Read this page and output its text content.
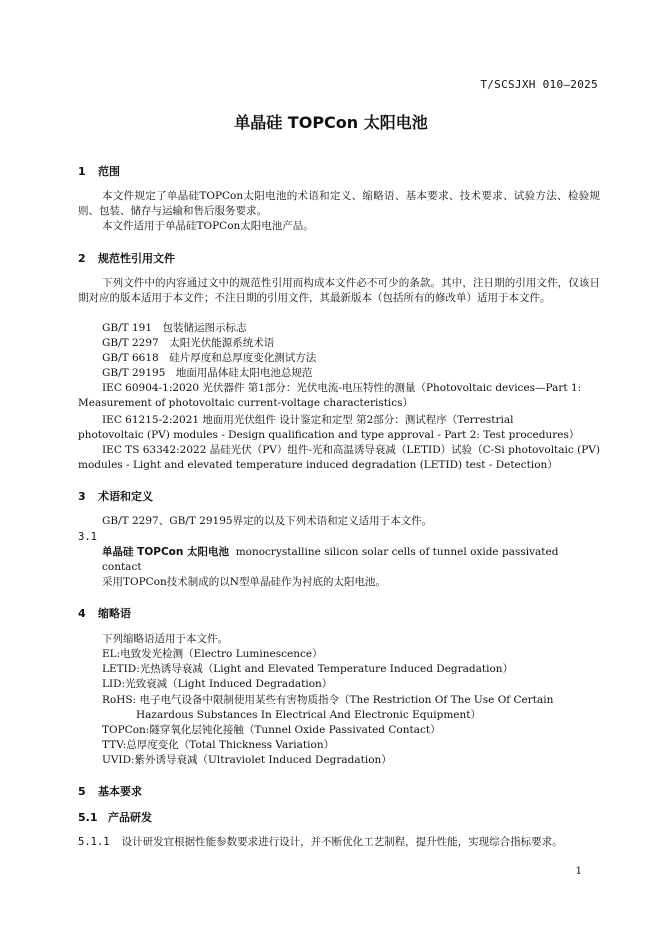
T/SCSJXH 010—2025
单晶硅 TOPCon 太阳电池
1 范围
本文件规定了单晶硅TOPCon太阳电池的术语和定义、缩略语、基本要求、技术要求、试验方法、检验规则、包装、储存与运输和售后服务要求。
本文件适用于单晶硅TOPCon太阳电池产品。
2 规范性引用文件
下列文件中的内容通过文中的规范性引用而构成本文件必不可少的条款。其中，注日期的引用文件，仅该日期对应的版本适用于本文件；不注日期的引用文件，其最新版本（包括所有的修改单）适用于本文件。
GB/T 191　包装储运图示标志
GB/T 2297　太阳光伏能源系统术语
GB/T 6618　硅片厚度和总厚度变化测试方法
GB/T 29195　地面用晶体硅太阳电池总规范
IEC 60904-1:2020 光伏器件 第1部分：光伏电流-电压特性的测量（Photovoltaic devices—Part 1:
Measurement of photovoltaic current-voltage characteristics）
IEC 61215-2:2021 地面用光伏组件 设计鉴定和定型 第2部分：测试程序（Terrestrial
photovoltaic (PV) modules - Design qualification and type approval - Part 2: Test procedures）
IEC TS 63342:2022 晶硅光伏（PV）组件-光和高温诱导衰减（LETID）试验（C-Si photovoltaic (PV)
modules - Light and elevated temperature induced degradation (LETID) test - Detection）
3 术语和定义
GB/T 2297、GB/T 29195界定的以及下列术语和定义适用于本文件。
3.1
单晶硅 TOPCon 太阳电池 monocrystalline silicon solar cells of tunnel oxide passivated contact
采用TOPCon技术制成的以N型单晶硅作为衬底的太阳电池。
4 缩略语
下列缩略语适用于本文件。
EL:电致发光检测（Electro Luminescence）
LETID:光热诱导衰减（Light and Elevated Temperature Induced Degradation）
LID:光致衰减（Light Induced Degradation）
RoHS: 电子电气设备中限制使用某些有害物质指令（The Restriction Of The Use Of Certain Hazardous Substances In Electrical And Electronic Equipment）
TOPCon:隧穿氧化层钝化接触（Tunnel Oxide Passivated Contact）
TTV:总厚度变化（Total Thickness Variation）
UVID:紫外诱导衰减（Ultraviolet Induced Degradation）
5 基本要求
5.1 产品研发
5.1.1 设计研发宜根据性能参数要求进行设计，并不断优化工艺制程，提升性能，实现综合指标要求。
1
